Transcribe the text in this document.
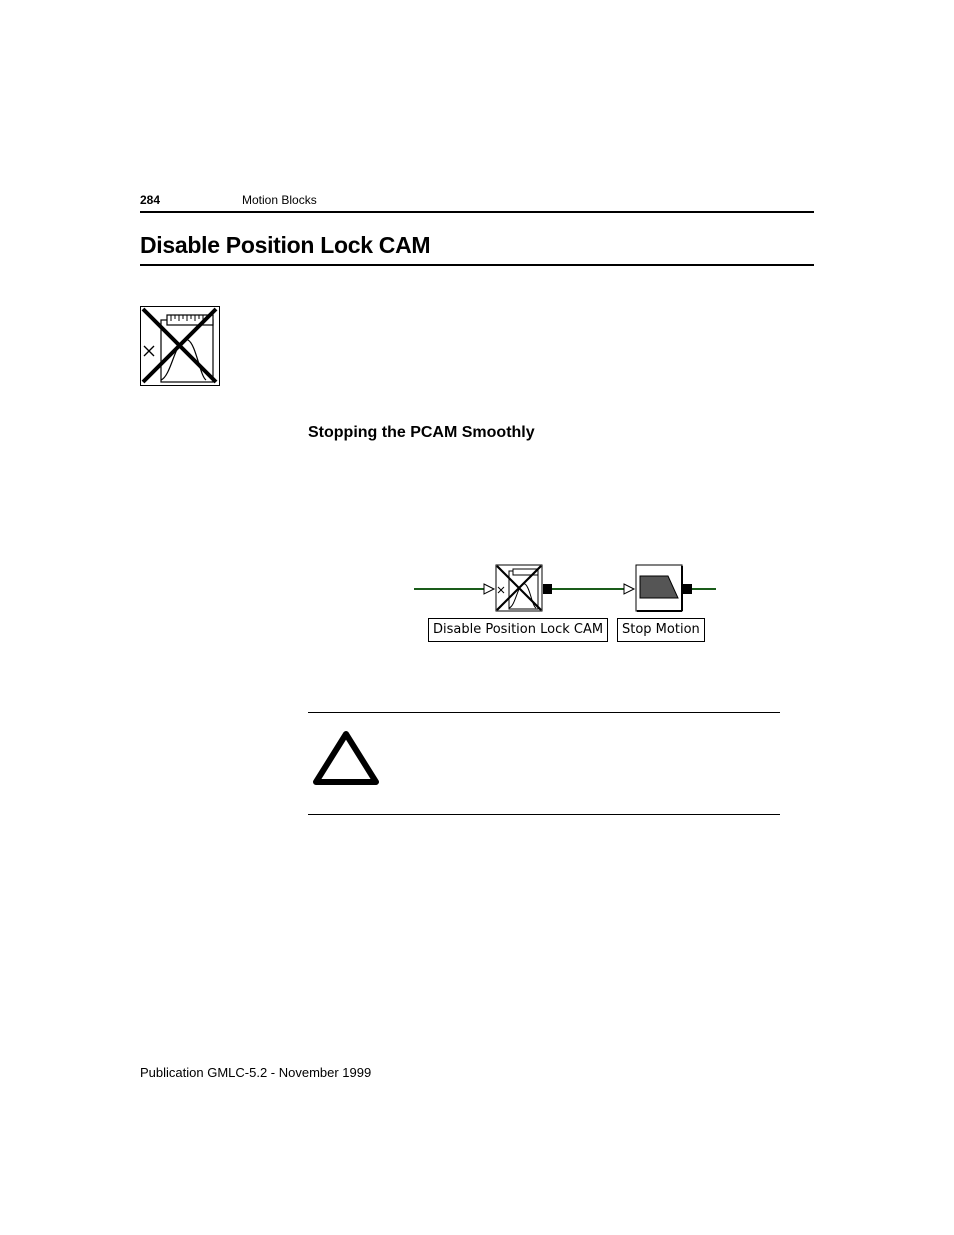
284	Motion Blocks
Disable Position Lock CAM
Stopping the PCAM Smoothly
Disable Position Lock CAM	Stop Motion
Publication GMLC-5.2 - November 1999
